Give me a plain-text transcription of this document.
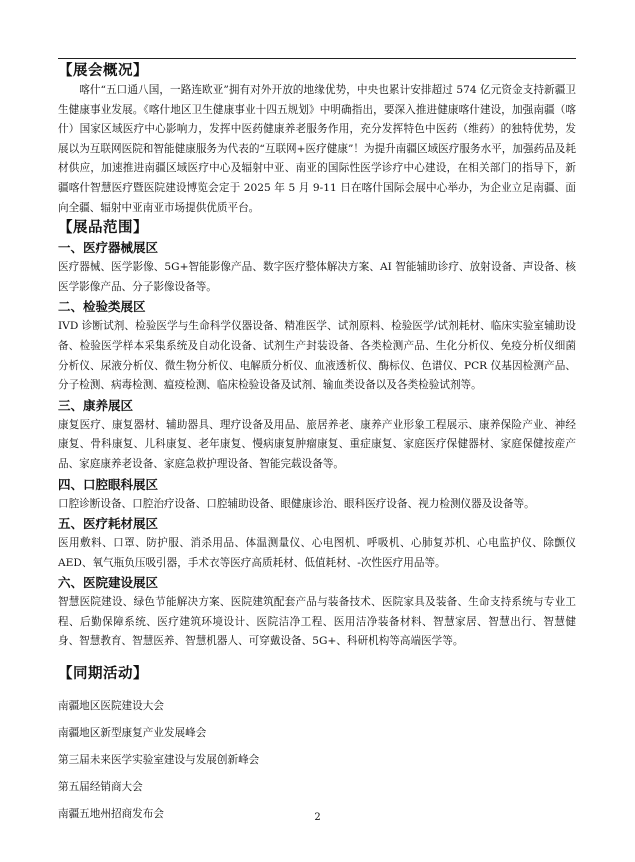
【展会概况】

喀什“五口通八国，一路连欧亚”拥有对外开放的地缘优势，中央也累计安排超过 574 亿元资金支持新疆卫生健康事业发展。《喀什地区卫生健康事业十四五规划》中明确指出，要深入推进健康喀什建设，加强南疆（喀什）国家区域医疗中心影响力，发挥中医药健康养老服务作用，充分发挥特色中医药（维药）的独特优势，发展以为互联网医院和智能健康服务为代表的“互联网+医疗健康”！为提升南疆区域医疗服务水平，加强药品及耗材供应，加速推进南疆区域医疗中心及辐射中亚、南亚的国际性医学诊疗中心建设，在相关部门的指导下，新疆喀什智慧医疗暨医院建设博览会定于 2025 年 5 月 9-11 日在喀什国际会展中心举办，为企业立足南疆、面向全疆、辐射中亚南亚市场提供优质平台。

【展品范围】
一、医疗器械展区

医疗器械、医学影像、5G+智能影像产品、数字医疗整体解决方案、AI 智能辅助诊疗、放射设备、声设备、核医学影像产品、分子影像设备等。

二、检验类展区

IVD 诊断试剂、检验医学与生命科学仪器设备、精准医学、试剂原料、检验医学/试剂耗材、临床实验室辅助设备、检验医学样本采集系统及自动化设备、试剂生产封装设备、各类检测产品、生化分析仪、免疫分析仪细菌分析仪、尿液分析仪、微生物分析仪、电解质分析仪、血液透析仪、酶标仪、色谱仪、PCR 仪基因检测产品、分子检测、病毒检测、瘟疫检测、临床检验设备及试剂、输血类设备以及各类检验试剂等。

三、康养展区

康复医疗、康复器材、辅助器具、理疗设备及用品、旅居养老、康养产业形象工程展示、康养保险产业、神经康复、骨科康复、儿科康复、老年康复、慢病康复肿瘤康复、重症康复、家庭医疗保健器材、家庭保健按産产品、家庭康养老设备、家庭急救护理设备、智能完载设备等。

四、口腔眼科展区

口腔诊断设备、口腔治疗设备、口腔辅助设备、眼健康诊治、眼科医疗设备、视力检测仪器及设备等。

五、医疗耗材展区

医用敷料、口罩、防护服、消杀用品、体温测量仪、心电图机、呼吸机、心肺复苏机、心电监护仪、除颤仪 AED、氧气瓶负压吸引器，手术衣等医疗高质耗材、低值耗材、-次性医疗用品等。

六、医院建设展区

智慧医院建设、绿色节能解决方案、医院建筑配套产品与装备技术、医院家具及装备、生命支持系统与专业工程、后勤保障系统、医疗建筑环境设计、医院洁净工程、医用洁净装备材料、智慧家居、智慧出行、智慧健身、智慧教育、智慧医养、智慧机器人、可穿戴设备、5G+、科研机构等高端医学等。

【同期活动】

南疆地区医院建设大会

南疆地区新型康复产业发展峰会

第三届未来医学实验室建设与发展创新峰会

第五届经销商大会

南疆五地州招商发布会	2
